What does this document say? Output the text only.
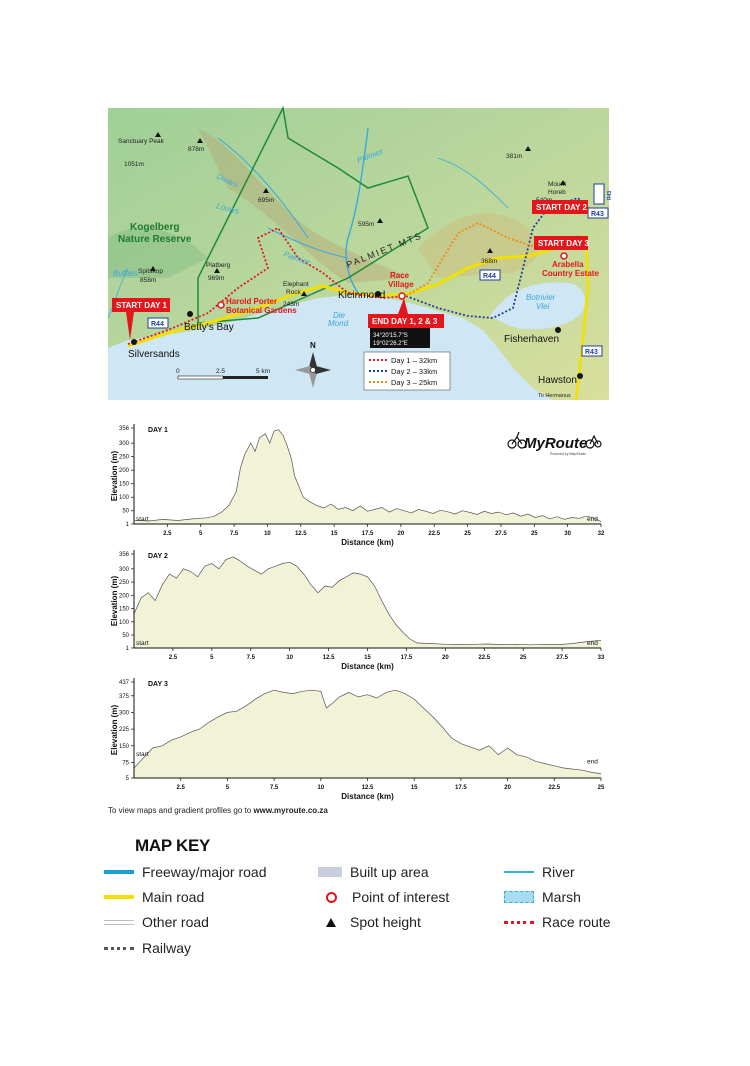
Sanctuary Peak
1051m
878m
695m
595m
Spitskop
858m
Platberg
969m
Elephant
Rock
243m
381m
Mount
Horeb
368m
To Hermanus
Dwars
Louws
Palmiet
Palmiet
Buffels
Die
Mond
Botrivier
Vlei
Kogelberg
Nature Reserve	PALMIET MTS
Betty's Bay
Silversands
Kleinmond
Fisherhaven
Hawston
Harold Porter
Botanical Gardens
Race
Village
Arabella
Country Estate
R44
R44
R43
R43
R43
START DAY 1
START DAY 2
START DAY 3
END DAY 1, 2 & 3
34°20'15.7"S
19°02'26.2"E
0	2.5	5 km
N
Day 1 – 32km
Day 2 – 33km
Day 3 – 25km
1
50
100
150
200
250
300
356
2.5	5	7.5	10	12.5	15	17.5	20	22.5	25	27.5	25	30	32
DAY 1
Distance (km)
Elevation (m)
start	end
1
50
100
150
200
250
300
356
2.5	5	7.5	10	12.5	15	17.5	20	22.5	25	27.5	33
DAY 2
Distance (km)
Elevation (m)
start	end
5
75
150
225
300
375
437
2.5	5	7.5	10	12.5	15	17.5	20	22.5	25
DAY 3
Distance (km)
Elevation (m)	start
end
MyRoute
Powered by MapStudio
To view maps and gradient profiles go to www.myroute.co.za
MAP KEY
Freeway/major road
Main road
Other road
Railway
Built up area
Point of interest
Spot height
River
Marsh
Race route
